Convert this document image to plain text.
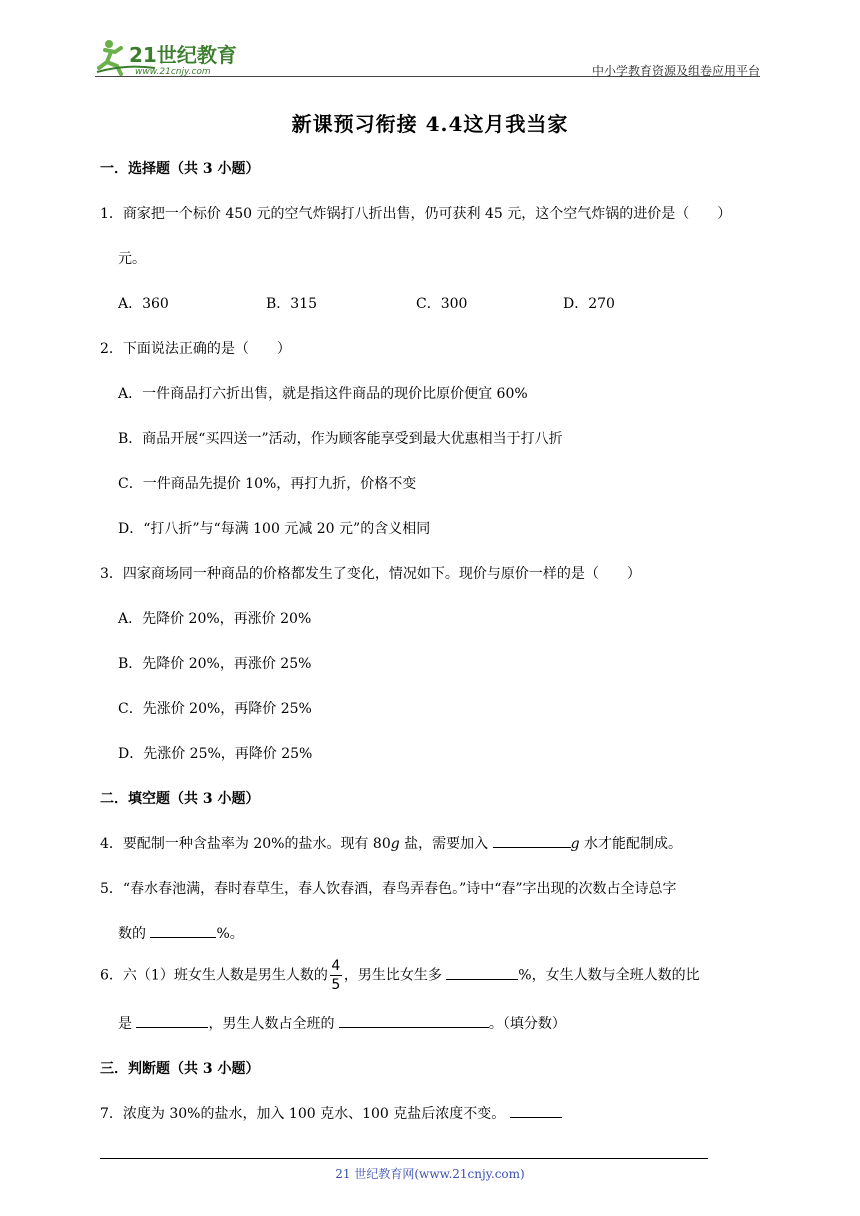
21世纪教育
www.21cnjy.com	中小学教育资源及组卷应用平台
新课预习衔接 4.4这月我当家
一．选择题（共 3 小题）
1．商家把一个标价 450 元的空气炸锅打八折出售，仍可获利 45 元，这个空气炸锅的进价是（　　）
元。
A．360	B．315	C．300	D．270
2．下面说法正确的是（　　）
A．一件商品打六折出售，就是指这件商品的现价比原价便宜 60%
B．商品开展“买四送一”活动，作为顾客能享受到最大优惠相当于打八折
C．一件商品先提价 10%，再打九折，价格不变
D．“打八折”与“每满 100 元减 20 元”的含义相同
3．四家商场同一种商品的价格都发生了变化，情况如下。现价与原价一样的是（　　）
A．先降价 20%，再涨价 20%
B．先降价 20%，再涨价 25%
C．先涨价 20%，再降价 25%
D．先涨价 25%，再降价 25%
二．填空题（共 3 小题）
4．要配制一种含盐率为 20%的盐水。现有 80g 盐，需要加入	g 水才能配制成。
5．“春水春池满，春时春草生，春人饮春酒，春鸟弄春色。”诗中“春”字出现的次数占全诗总字
数的	%。
6．六（1）班女生人数是男生人数的 $\frac{4}{5}$ ，男生比女生多	%，女生人数与全班人数的比
是	，男生人数占全班的	。（填分数）
三．判断题（共 3 小题）
7．浓度为 30%的盐水，加入 100 克水、100 克盐后浓度不变。
21 世纪教育网(www.21cnjy.com)
